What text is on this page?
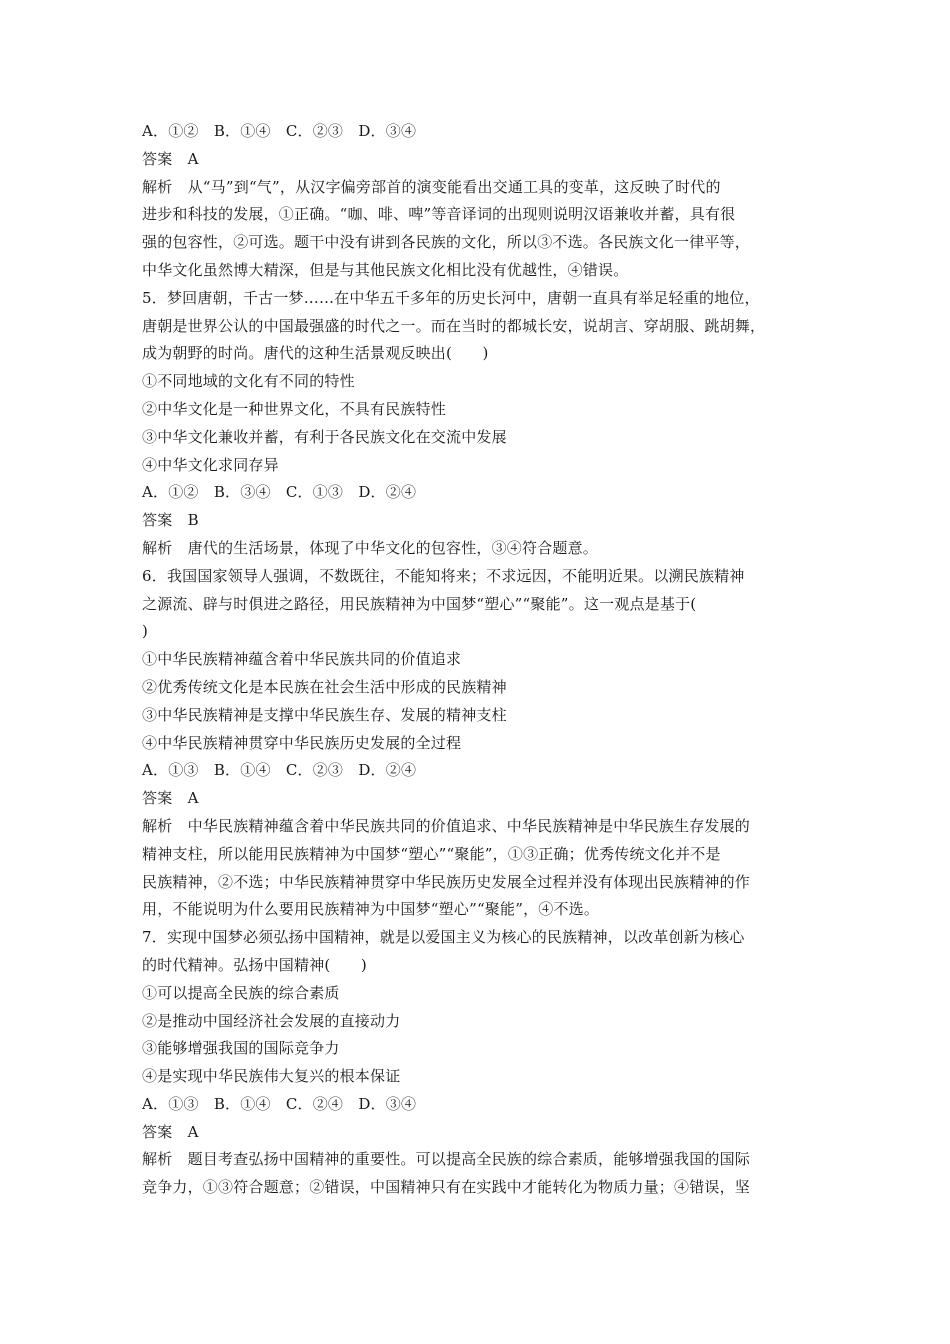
A．①②　B．①④　C．②③　D．③④
答案　A
解析　从“马”到“气”，从汉字偏旁部首的演变能看出交通工具的变革，这反映了时代的
进步和科技的发展，①正确。“咖、啡、啤”等音译词的出现则说明汉语兼收并蓄，具有很
强的包容性，②可选。题干中没有讲到各民族的文化，所以③不选。各民族文化一律平等，
中华文化虽然博大精深，但是与其他民族文化相比没有优越性，④错误。
5．梦回唐朝，千古一梦……在中华五千多年的历史长河中，唐朝一直具有举足轻重的地位，
唐朝是世界公认的中国最强盛的时代之一。而在当时的都城长安，说胡言、穿胡服、跳胡舞，
成为朝野的时尚。唐代的这种生活景观反映出(　　)
①不同地域的文化有不同的特性
②中华文化是一种世界文化，不具有民族特性
③中华文化兼收并蓄，有利于各民族文化在交流中发展
④中华文化求同存异
A．①②　B．③④　C．①③　D．②④
答案　B
解析　唐代的生活场景，体现了中华文化的包容性，③④符合题意。
6．我国国家领导人强调，不数既往，不能知将来；不求远因，不能明近果。以溯民族精神
之源流、辟与时俱进之路径，用民族精神为中国梦“塑心”“聚能”。这一观点是基于(
)
①中华民族精神蕴含着中华民族共同的价值追求
②优秀传统文化是本民族在社会生活中形成的民族精神
③中华民族精神是支撑中华民族生存、发展的精神支柱
④中华民族精神贯穿中华民族历史发展的全过程
A．①③　B．①④　C．②③　D．②④
答案　A
解析　中华民族精神蕴含着中华民族共同的价值追求、中华民族精神是中华民族生存发展的
精神支柱，所以能用民族精神为中国梦“塑心”“聚能”，①③正确；优秀传统文化并不是
民族精神，②不选；中华民族精神贯穿中华民族历史发展全过程并没有体现出民族精神的作
用，不能说明为什么要用民族精神为中国梦“塑心”“聚能”，④不选。
7．实现中国梦必须弘扬中国精神，就是以爱国主义为核心的民族精神，以改革创新为核心
的时代精神。弘扬中国精神(　　)
①可以提高全民族的综合素质
②是推动中国经济社会发展的直接动力
③能够增强我国的国际竞争力
④是实现中华民族伟大复兴的根本保证
A．①③　B．①④　C．②④　D．③④
答案　A
解析　题目考查弘扬中国精神的重要性。可以提高全民族的综合素质，能够增强我国的国际
竞争力，①③符合题意；②错误，中国精神只有在实践中才能转化为物质力量；④错误，坚
